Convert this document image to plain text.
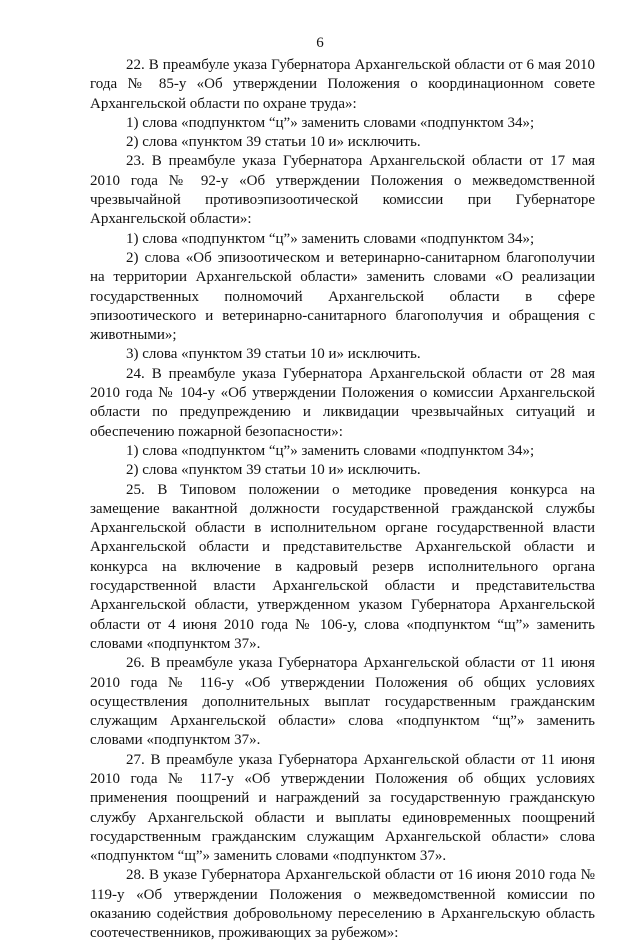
6

22. В преамбуле указа Губернатора Архангельской области от 6 мая 2010 года № 85-у «Об утверждении Положения о координационном совете Архангельской области по охране труда»:

1) слова «подпунктом “ц”» заменить словами «подпунктом 34»;

2) слова «пунктом 39 статьи 10 и» исключить.

23. В преамбуле указа Губернатора Архангельской области от 17 мая 2010 года № 92-у «Об утверждении Положения о межведомственной чрезвычайной противоэпизоотической комиссии при Губернаторе Архангельской области»:

1) слова «подпунктом “ц”» заменить словами «подпунктом 34»;

2) слова «Об эпизоотическом и ветеринарно-санитарном благополучии на территории Архангельской области» заменить словами «О реализации государственных полномочий Архангельской области в сфере эпизоотического и ветеринарно-санитарного благополучия и обращения с животными»;

3) слова «пунктом 39 статьи 10 и» исключить.

24. В преамбуле указа Губернатора Архангельской области от 28 мая 2010 года № 104-у «Об утверждении Положения о комиссии Архангельской области по предупреждению и ликвидации чрезвычайных ситуаций и обеспечению пожарной безопасности»:

1) слова «подпунктом “ц”» заменить словами «подпунктом 34»;

2) слова «пунктом 39 статьи 10 и» исключить.

25. В Типовом положении о методике проведения конкурса на замещение вакантной должности государственной гражданской службы Архангельской области в исполнительном органе государственной власти Архангельской области и представительстве Архангельской области и конкурса на включение в кадровый резерв исполнительного органа государственной власти Архангельской области и представительства Архангельской области, утвержденном указом Губернатора Архангельской области от 4 июня 2010 года № 106-у, слова «подпунктом “щ”» заменить словами «подпунктом 37».

26. В преамбуле указа Губернатора Архангельской области от 11 июня 2010 года № 116-у «Об утверждении Положения об общих условиях осуществления дополнительных выплат государственным гражданским служащим Архангельской области» слова «подпунктом “щ”» заменить словами «подпунктом 37».

27. В преамбуле указа Губернатора Архангельской области от 11 июня 2010 года № 117-у «Об утверждении Положения об общих условиях применения поощрений и награждений за государственную гражданскую службу Архангельской области и выплаты единовременных поощрений государственным гражданским служащим Архангельской области» слова «подпунктом “щ”» заменить словами «подпунктом 37».

28. В указе Губернатора Архангельской области от 16 июня 2010 года № 119-у «Об утверждении Положения о межведомственной комиссии по оказанию содействия добровольному переселению в Архангельскую область соотечественников, проживающих за рубежом»:
